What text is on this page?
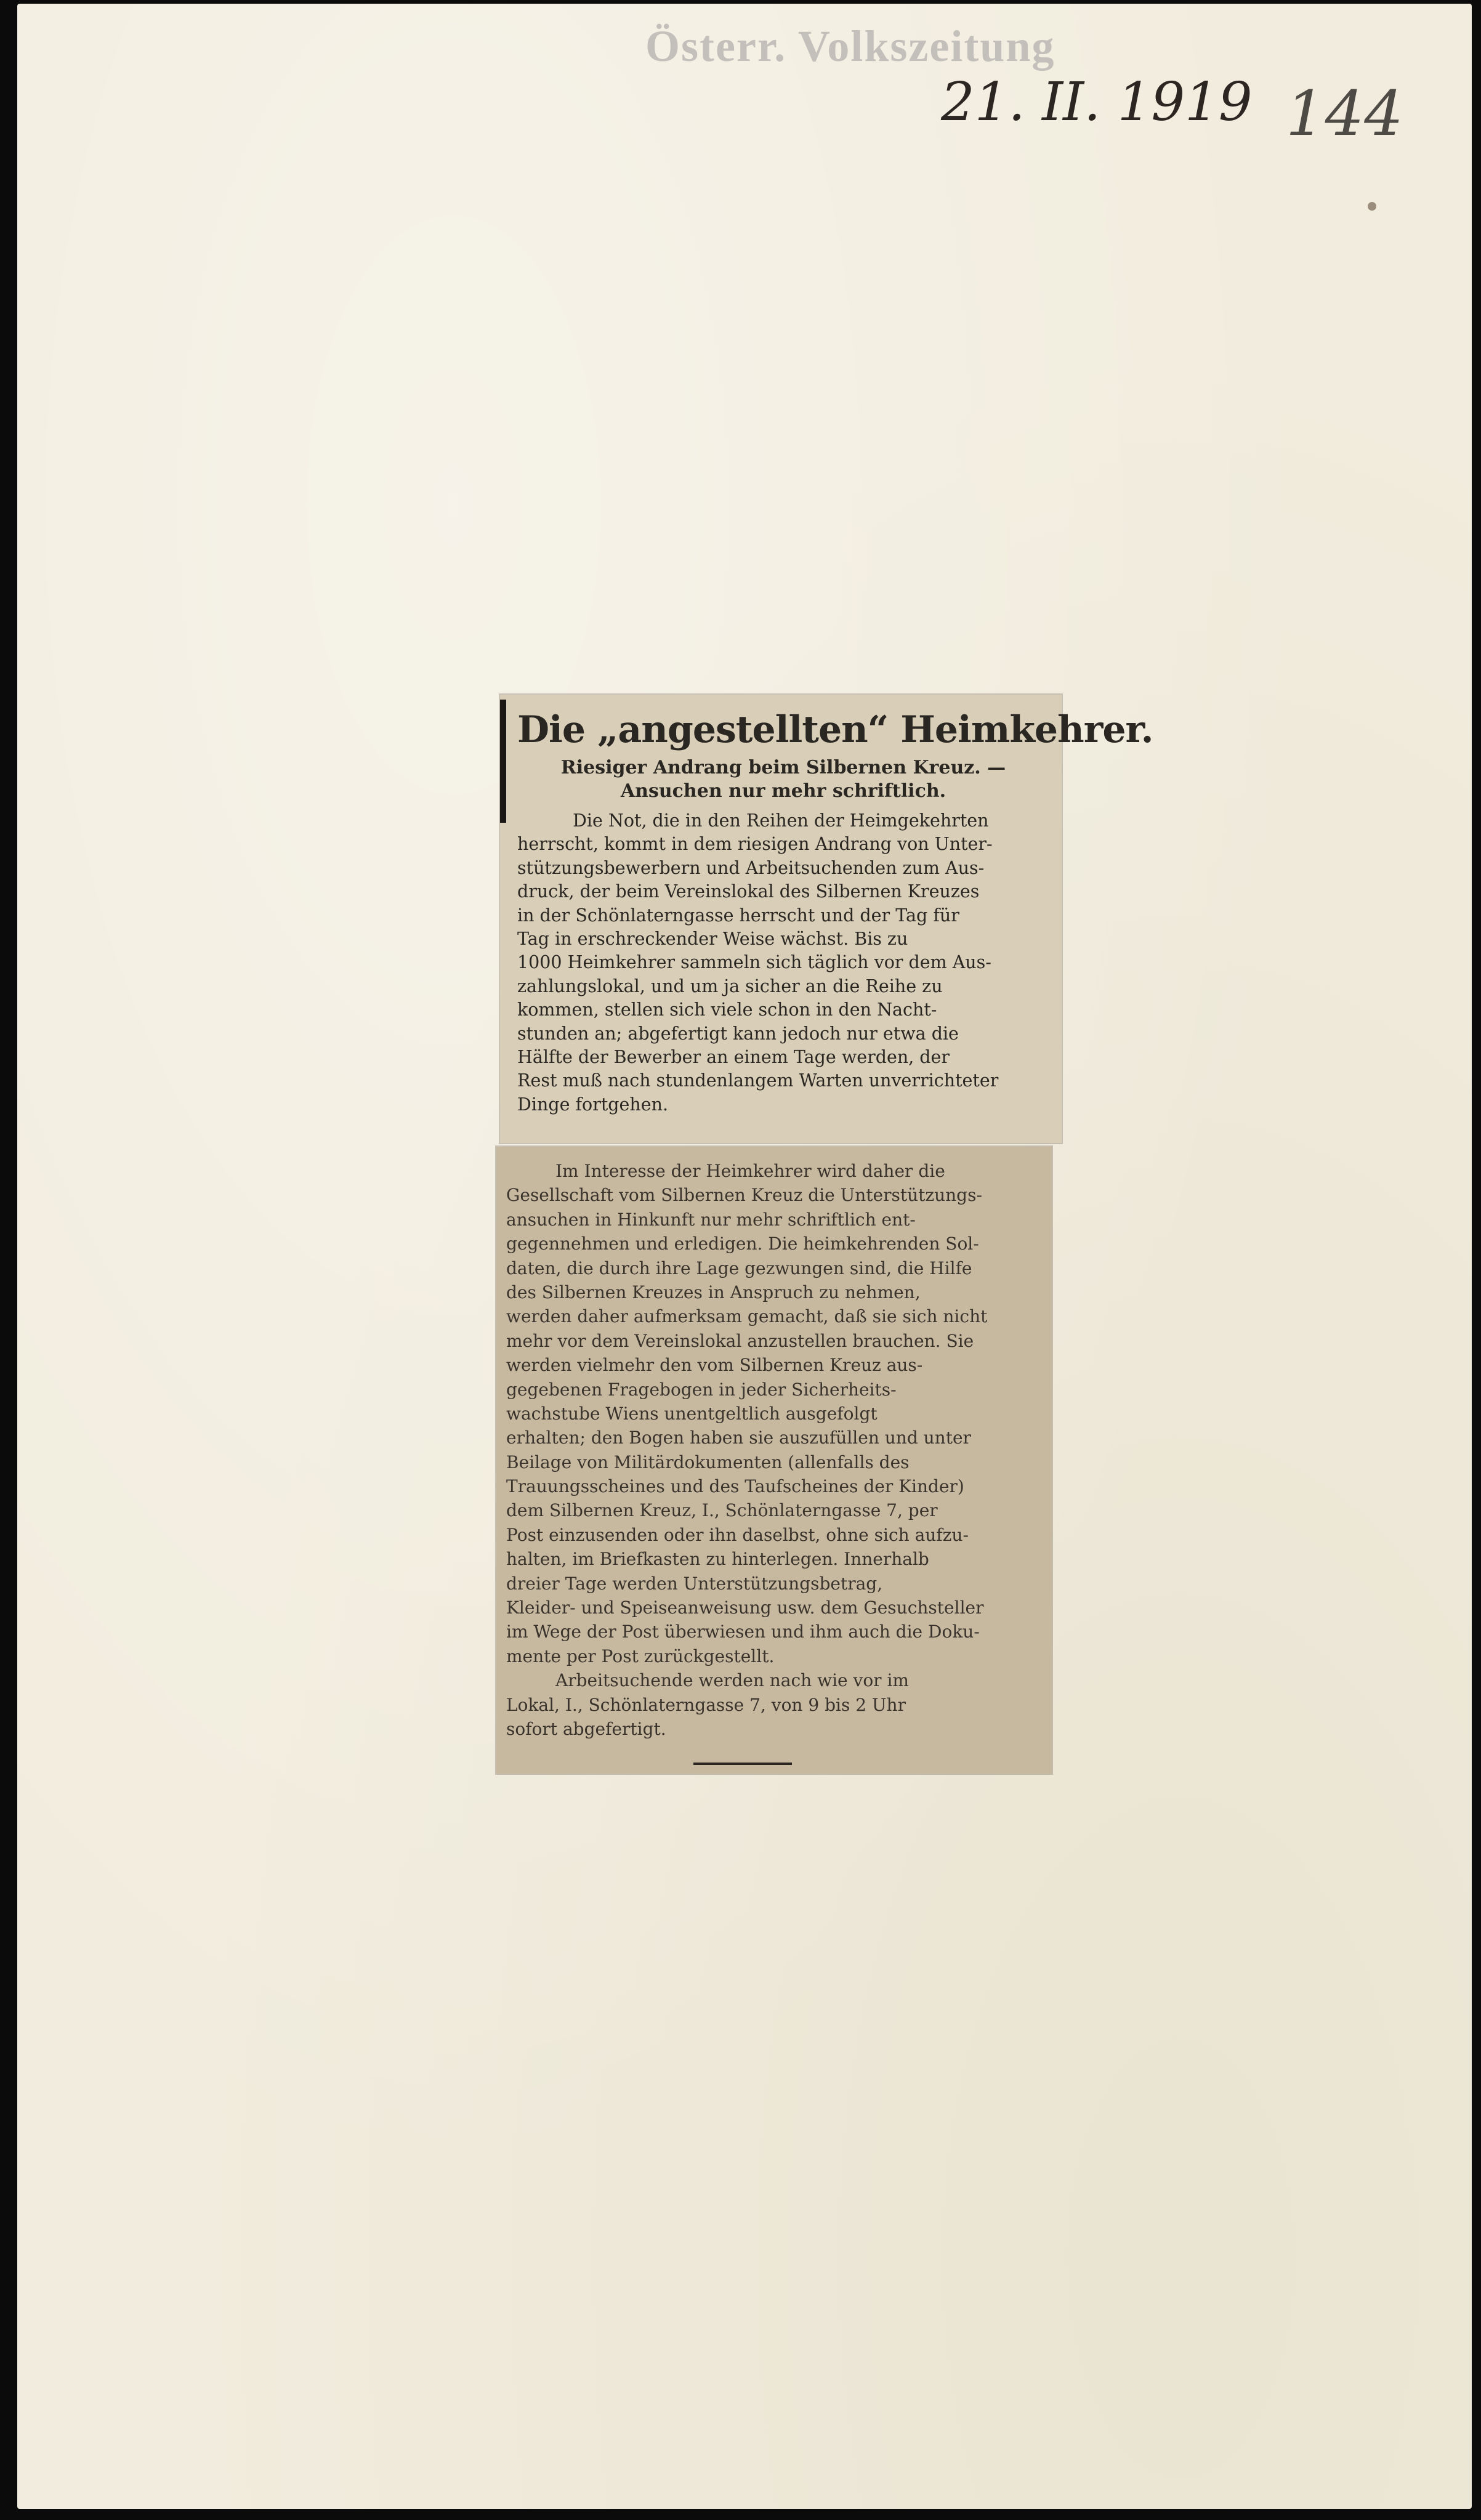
Österr. Volkszeitung
21. II. 1919 144
Die „angestellten“ Heimkehrer.
Riesiger Andrang beim Silbernen Kreuz. —
Ansuchen nur mehr schriftlich.
Die Not, die in den Reihen der Heimgekehrten
herrscht, kommt in dem riesigen Andrang von Unter-
stützungsbewerbern und Arbeitsuchenden zum Aus-
druck, der beim Vereinslokal des Silbernen Kreuzes
in der Schönlaterngasse herrscht und der Tag für
Tag in erschreckender Weise wächst. Bis zu
1000 Heimkehrer sammeln sich täglich vor dem Aus-
zahlungslokal, und um ja sicher an die Reihe zu
kommen, stellen sich viele schon in den Nacht-
stunden an; abgefertigt kann jedoch nur etwa die
Hälfte der Bewerber an einem Tage werden, der
Rest muß nach stundenlangem Warten unverrichteter
Dinge fortgehen.
Im Interesse der Heimkehrer wird daher die
Gesellschaft vom Silbernen Kreuz die Unterstützungs-
ansuchen in Hinkunft nur mehr schriftlich ent-
gegennehmen und erledigen. Die heimkehrenden Sol-
daten, die durch ihre Lage gezwungen sind, die Hilfe
des Silbernen Kreuzes in Anspruch zu nehmen,
werden daher aufmerksam gemacht, daß sie sich nicht
mehr vor dem Vereinslokal anzustellen brauchen. Sie
werden vielmehr den vom Silbernen Kreuz aus-
gegebenen Fragebogen in jeder Sicherheits-
wachstube Wiens unentgeltlich ausgefolgt
erhalten; den Bogen haben sie auszufüllen und unter
Beilage von Militärdokumenten (allenfalls des
Trauungsscheines und des Taufscheines der Kinder)
dem Silbernen Kreuz, I., Schönlaterngasse 7, per
Post einzusenden oder ihn daselbst, ohne sich aufzu-
halten, im Briefkasten zu hinterlegen. Innerhalb
dreier Tage werden Unterstützungsbetrag,
Kleider- und Speiseanweisung usw. dem Gesuchsteller
im Wege der Post überwiesen und ihm auch die Doku-
mente per Post zurückgestellt.
Arbeitsuchende werden nach wie vor im
Lokal, I., Schönlaterngasse 7, von 9 bis 2 Uhr
sofort abgefertigt.
